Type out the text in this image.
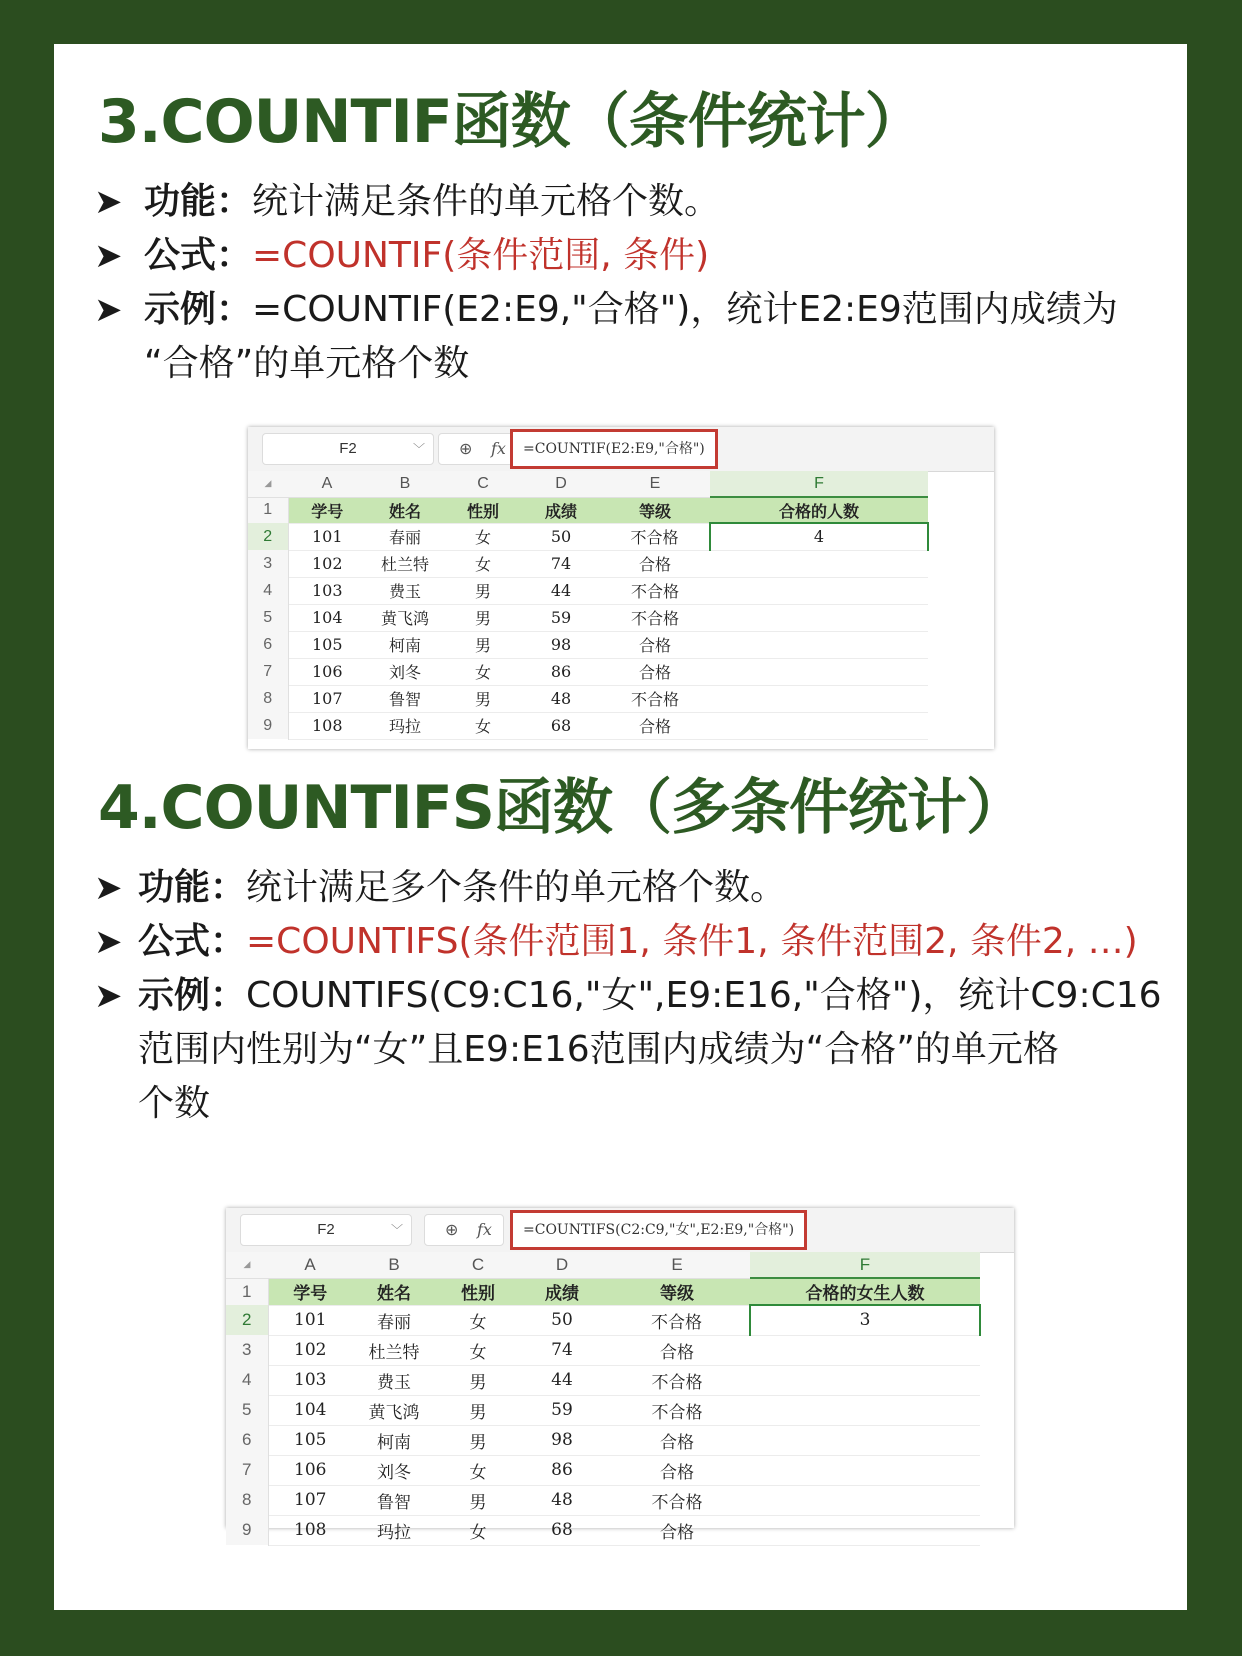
3.COUNTIF函数（条件统计）
➤ 功能：统计满足条件的单元格个数。
➤ 公式：=COUNTIF(条件范围, 条件)
➤ 示例：=COUNTIF(E2:E9,"合格")，统计E2:E9范围内成绩为
“合格”的单元格个数
F2	﹀ ⊕ fx	=COUNTIF(E2:E9,"合格")
◢	A	B	C	D	E	F
1	学号	姓名	性别	成绩	等级	合格的人数
2	101	春丽	女	50	不合格	4
3	102	杜兰特	女	74	合格	
4	103	费玉	男	44	不合格	
5	104	黄飞鸿	男	59	不合格	
6	105	柯南	男	98	合格	
7	106	刘冬	女	86	合格	
8	107	鲁智	男	48	不合格	
9	108	玛拉	女	68	合格	
4.COUNTIFS函数（多条件统计）
➤ 功能：统计满足多个条件的单元格个数。
➤ 公式：=COUNTIFS(条件范围1, 条件1, 条件范围2, 条件2, …)
➤ 示例：COUNTIFS(C9:C16,"女",E9:E16,"合格")，统计C9:C16
范围内性别为“女”且E9:E16范围内成绩为“合格”的单元格
个数
F2	﹀	⊕ fx	=COUNTIFS(C2:C9,"女",E2:E9,"合格")
◢	A	B	C	D	E	F
1	学号	姓名	性别	成绩	等级	合格的女生人数
2	101	春丽	女	50	不合格	3
3	102	杜兰特	女	74	合格	
4	103	费玉	男	44	不合格	
5	104	黄飞鸿	男	59	不合格	
6	105	柯南	男	98	合格	
7	106	刘冬	女	86	合格	
8	107	鲁智	男	48	不合格	
9	108	玛拉	女	68	合格	
